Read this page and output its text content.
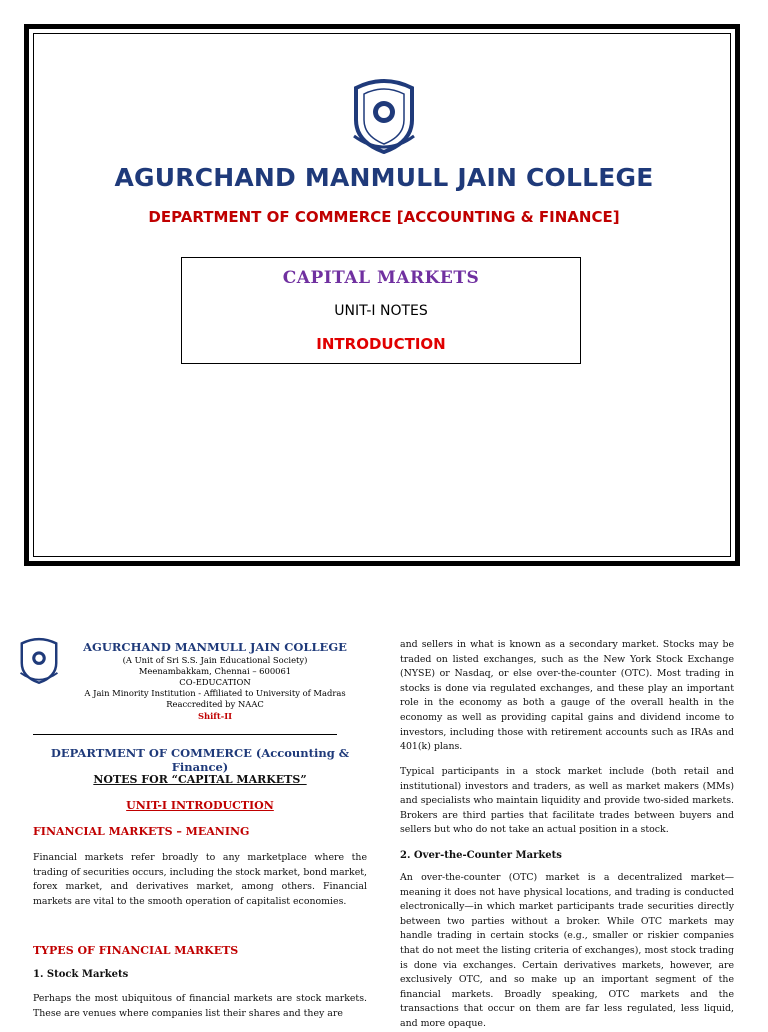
AGURCHAND MANMULL JAIN COLLEGE
DEPARTMENT OF COMMERCE [ACCOUNTING & FINANCE]
CAPITAL MARKETS
UNIT-I NOTES
INTRODUCTION
AGURCHAND MANMULL JAIN COLLEGE
(A Unit of Sri S.S. Jain Educational Society)
Meenambakkam, Chennai – 600061
CO-EDUCATION
A Jain Minority Institution - Affiliated to University of Madras
Reaccredited by NAAC
Shift-II
DEPARTMENT OF COMMERCE (Accounting & Finance)
NOTES FOR “CAPITAL MARKETS”
UNIT-I INTRODUCTION
FINANCIAL MARKETS – MEANING

Financial markets refer broadly to any marketplace where the trading of securities occurs, including the stock market, bond market, forex market, and derivatives market, among others. Financial markets are vital to the smooth operation of capitalist economies.

TYPES OF FINANCIAL MARKETS
1. Stock Markets

Perhaps the most ubiquitous of financial markets are stock markets. These are venues where companies list their shares and they are

and sellers in what is known as a secondary market. Stocks may be traded on listed exchanges, such as the New York Stock Exchange (NYSE) or Nasdaq, or else over-the-counter (OTC). Most trading in stocks is done via regulated exchanges, and these play an important role in the economy as both a gauge of the overall health in the economy as well as providing capital gains and dividend income to investors, including those with retirement accounts such as IRAs and 401(k) plans.

Typical participants in a stock market include (both retail and institutional) investors and traders, as well as market makers (MMs) and specialists who maintain liquidity and provide two-sided markets. Brokers are third parties that facilitate trades between buyers and sellers but who do not take an actual position in a stock.

2. Over-the-Counter Markets

An over-the-counter (OTC) market is a decentralized market—meaning it does not have physical locations, and trading is conducted electronically—in which market participants trade securities directly between two parties without a broker. While OTC markets may handle trading in certain stocks (e.g., smaller or riskier companies that do not meet the listing criteria of exchanges), most stock trading is done via exchanges. Certain derivatives markets, however, are exclusively OTC, and so make up an important segment of the financial markets. Broadly speaking, OTC markets and the transactions that occur on them are far less regulated, less liquid, and more opaque.
